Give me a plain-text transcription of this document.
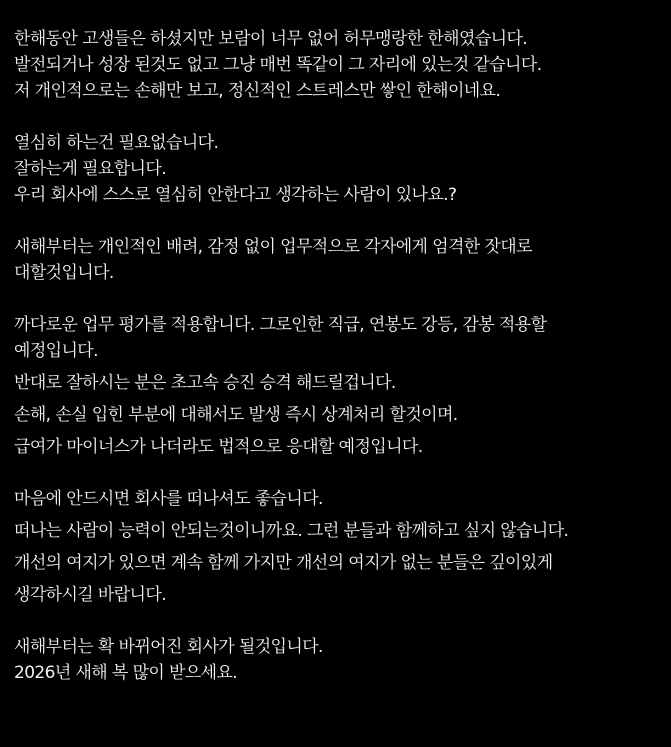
한해동안 고생들은 하셨지만 보람이 너무 없어 허무맹랑한 한해였습니다.
발전되거나 성장 된것도 없고 그냥 매번 똑같이 그 자리에 있는것 같습니다.
저 개인적으로는 손해만 보고, 정신적인 스트레스만 쌓인 한해이네요.
열심히 하는건 필요없습니다.
잘하는게 필요합니다.
우리 회사에 스스로 열심히 안한다고 생각하는 사람이 있나요.?
새해부터는 개인적인 배려, 감정 없이 업무적으로 각자에게 엄격한 잣대로
대할것입니다.
까다로운 업무 평가를 적용합니다. 그로인한 직급, 연봉도 강등, 감봉 적용할
예정입니다.
반대로 잘하시는 분은 초고속 승진 승격 해드릴겁니다.
손해, 손실 입힌 부분에 대해서도 발생 즉시 상계처리 할것이며.
급여가 마이너스가 나더라도 법적으로 응대할 예정입니다.
마음에 안드시면 회사를 떠나셔도 좋습니다.
떠나는 사람이 능력이 안되는것이니까요. 그런 분들과 함께하고 싶지 않습니다.
개선의 여지가 있으면 계속 함께 가지만 개선의 여지가 없는 분들은 깊이있게
생각하시길 바랍니다.
새해부터는 확 바뀌어진 회사가 될것입니다.
2026년 새해 복 많이 받으세요.
